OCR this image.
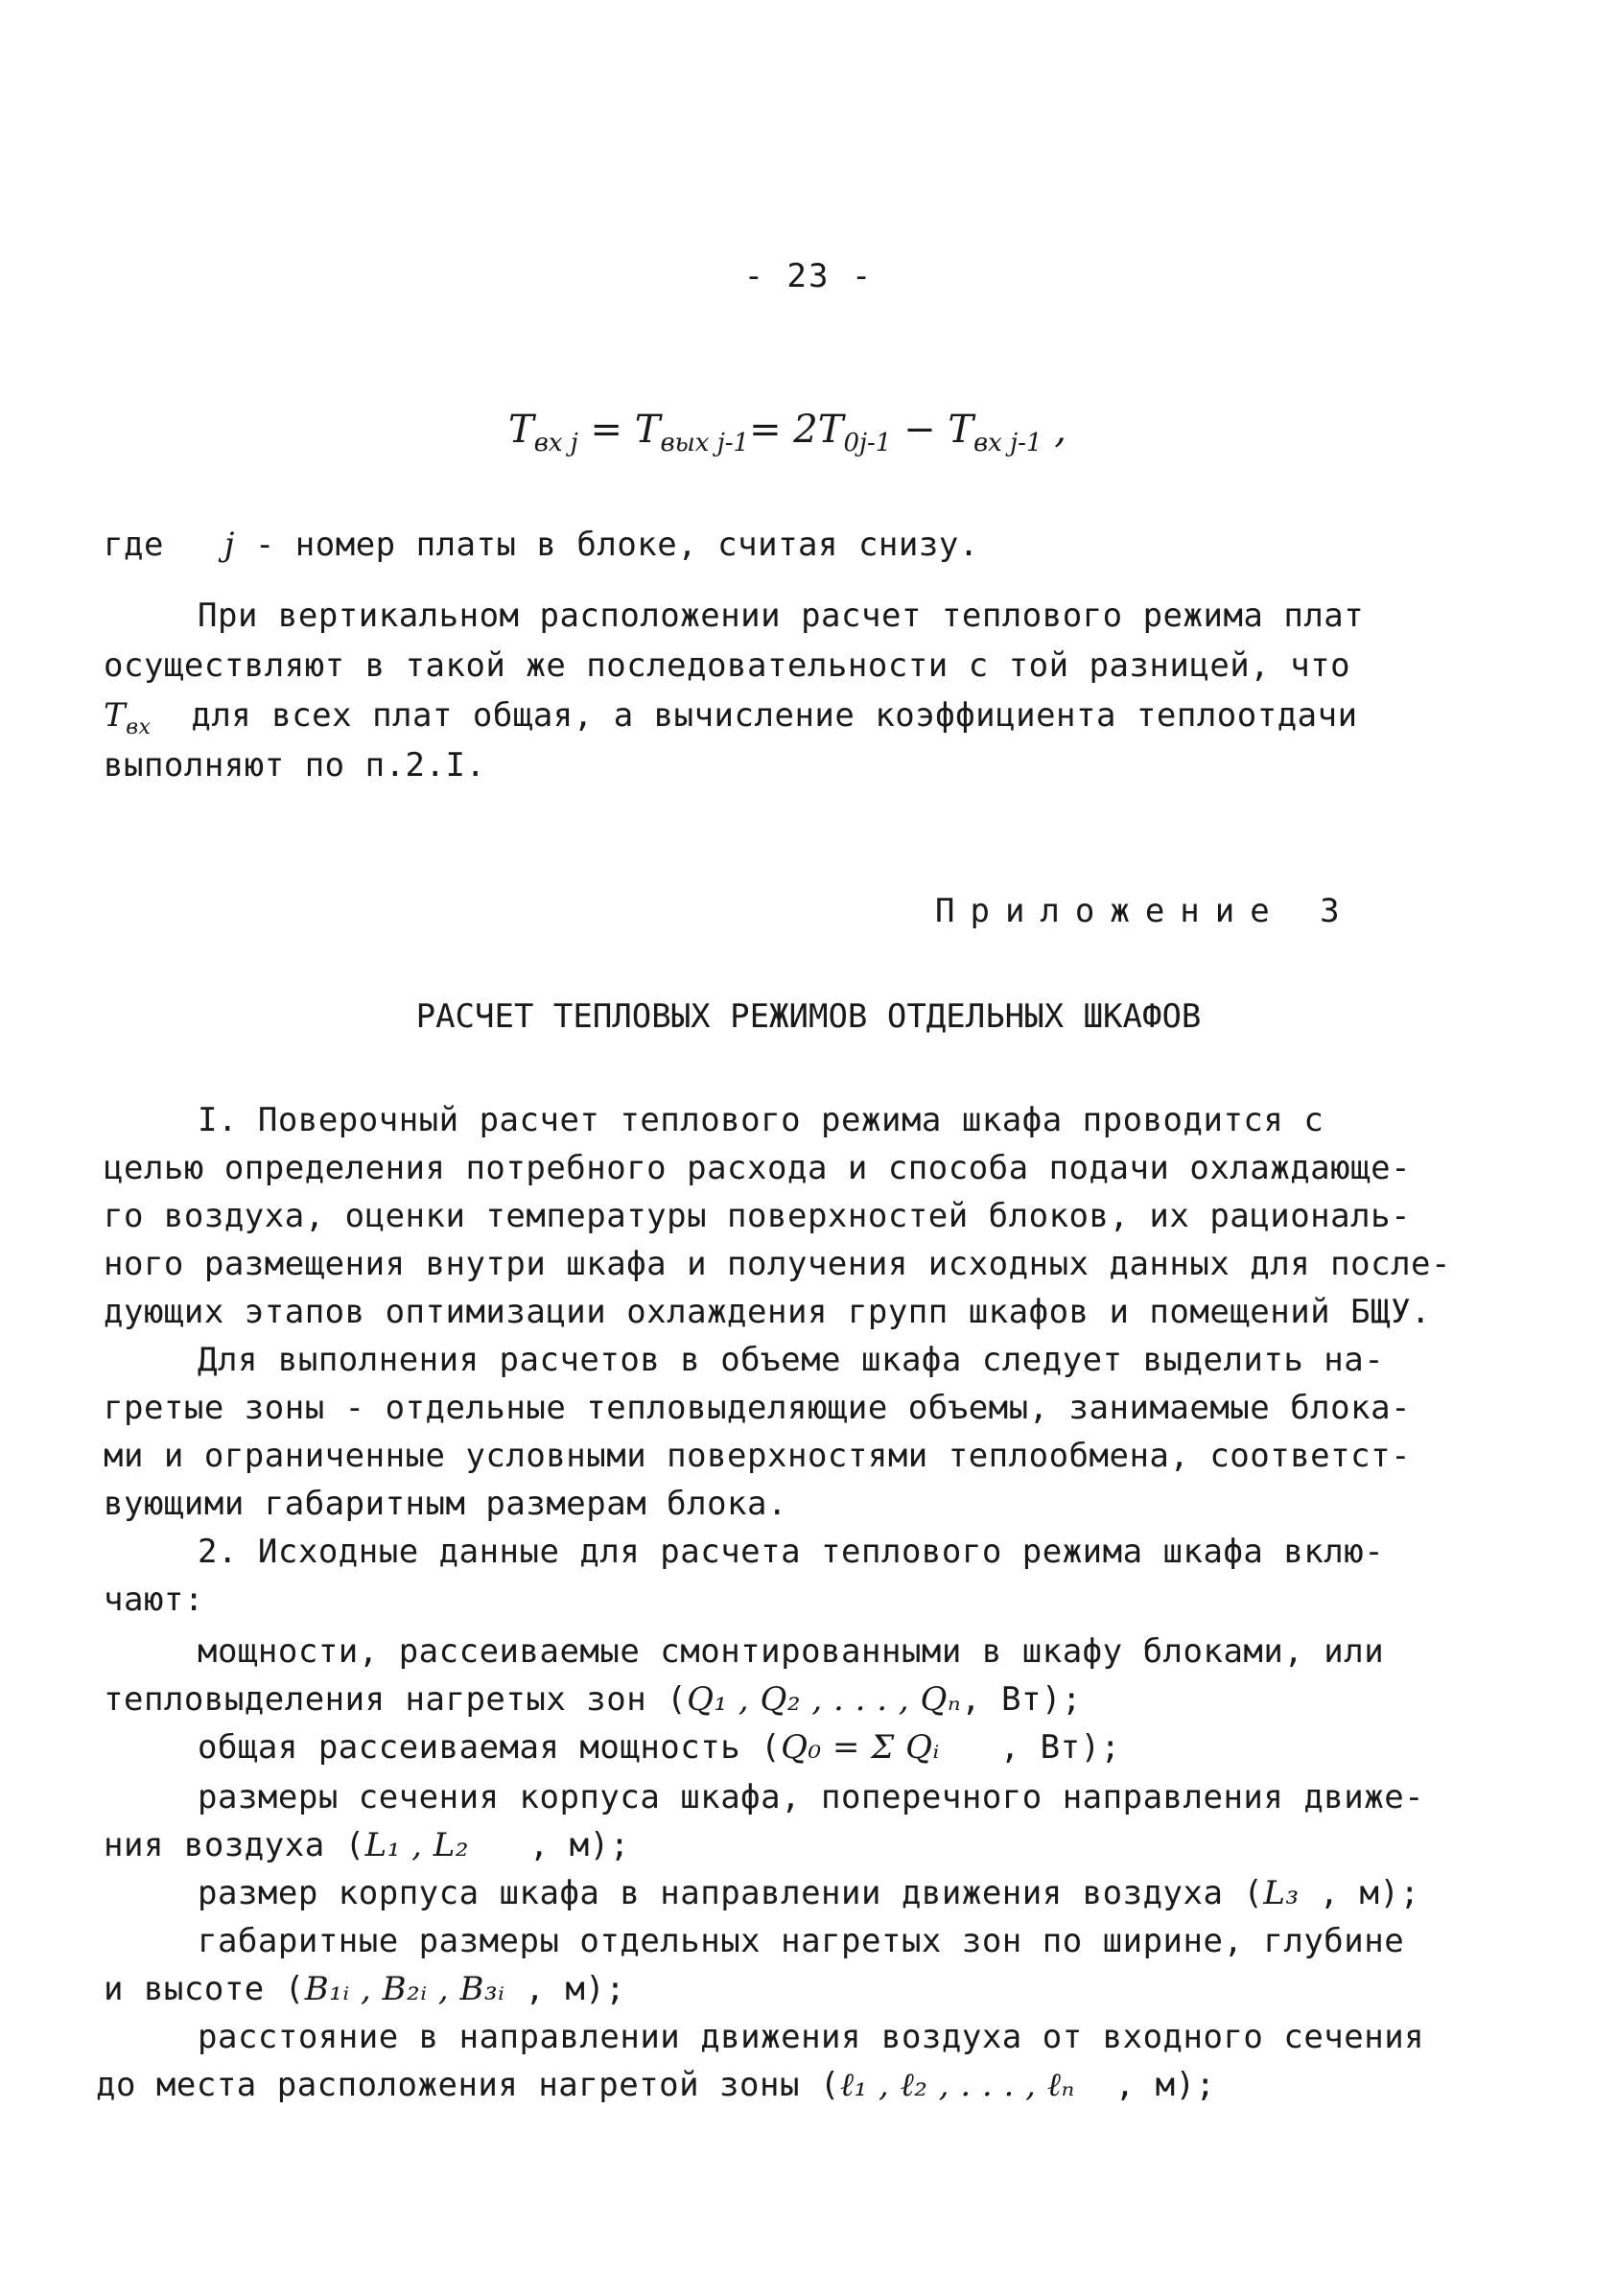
- 23 -
$T_{вх j} = T_{вых j-1}= 2T_{0j-1} - T_{вх j-1}$ ,
где j - номер платы в блоке, считая снизу.
При вертикальном расположении расчет теплового режима плат
осуществляют в такой же последовательности с той разницей, что
$T_{вх}$  для всех плат общая, а вычисление коэффициента теплоотдачи
выполняют по п.2.I.
Приложение 3
РАСЧЕТ ТЕПЛОВЫХ РЕЖИМОВ ОТДЕЛЬНЫХ ШКАФОВ
I. Поверочный расчет теплового режима шкафа проводится с
целью определения потребного расхода и способа подачи охлаждающе-
го воздуха, оценки температуры поверхностей блоков, их рациональ-
ного размещения внутри шкафа и получения исходных данных для после-
дующих этапов оптимизации охлаждения групп шкафов и помещений БЩУ.
Для выполнения расчетов в объеме шкафа следует выделить на-
гретые зоны - отдельные тепловыделяющие объемы, занимаемые блока-
ми и ограниченные условными поверхностями теплообмена, соответст-
вующими габаритным размерам блока.
2. Исходные данные для расчета теплового режима шкафа вклю-
чают:
мощности, рассеиваемые смонтированными в шкафу блоками, или
тепловыделения нагретых зон (Q₁ , Q₂ , . . . , Qₙ, Вт);
общая рассеиваемая мощность (Q₀ = Σ Qᵢ   , Вт);
размеры сечения корпуса шкафа, поперечного направления движе-
ния воздуха (L₁ , L₂   , м);
размер корпуса шкафа в направлении движения воздуха (L₃ , м);
габаритные размеры отдельных нагретых зон по ширине, глубине
и высоте (B₁ᵢ , B₂ᵢ , B₃ᵢ , м);
расстояние в направлении движения воздуха от входного сечения
до места расположения нагретой зоны (ℓ₁ , ℓ₂ , . . . , ℓₙ  , м);
